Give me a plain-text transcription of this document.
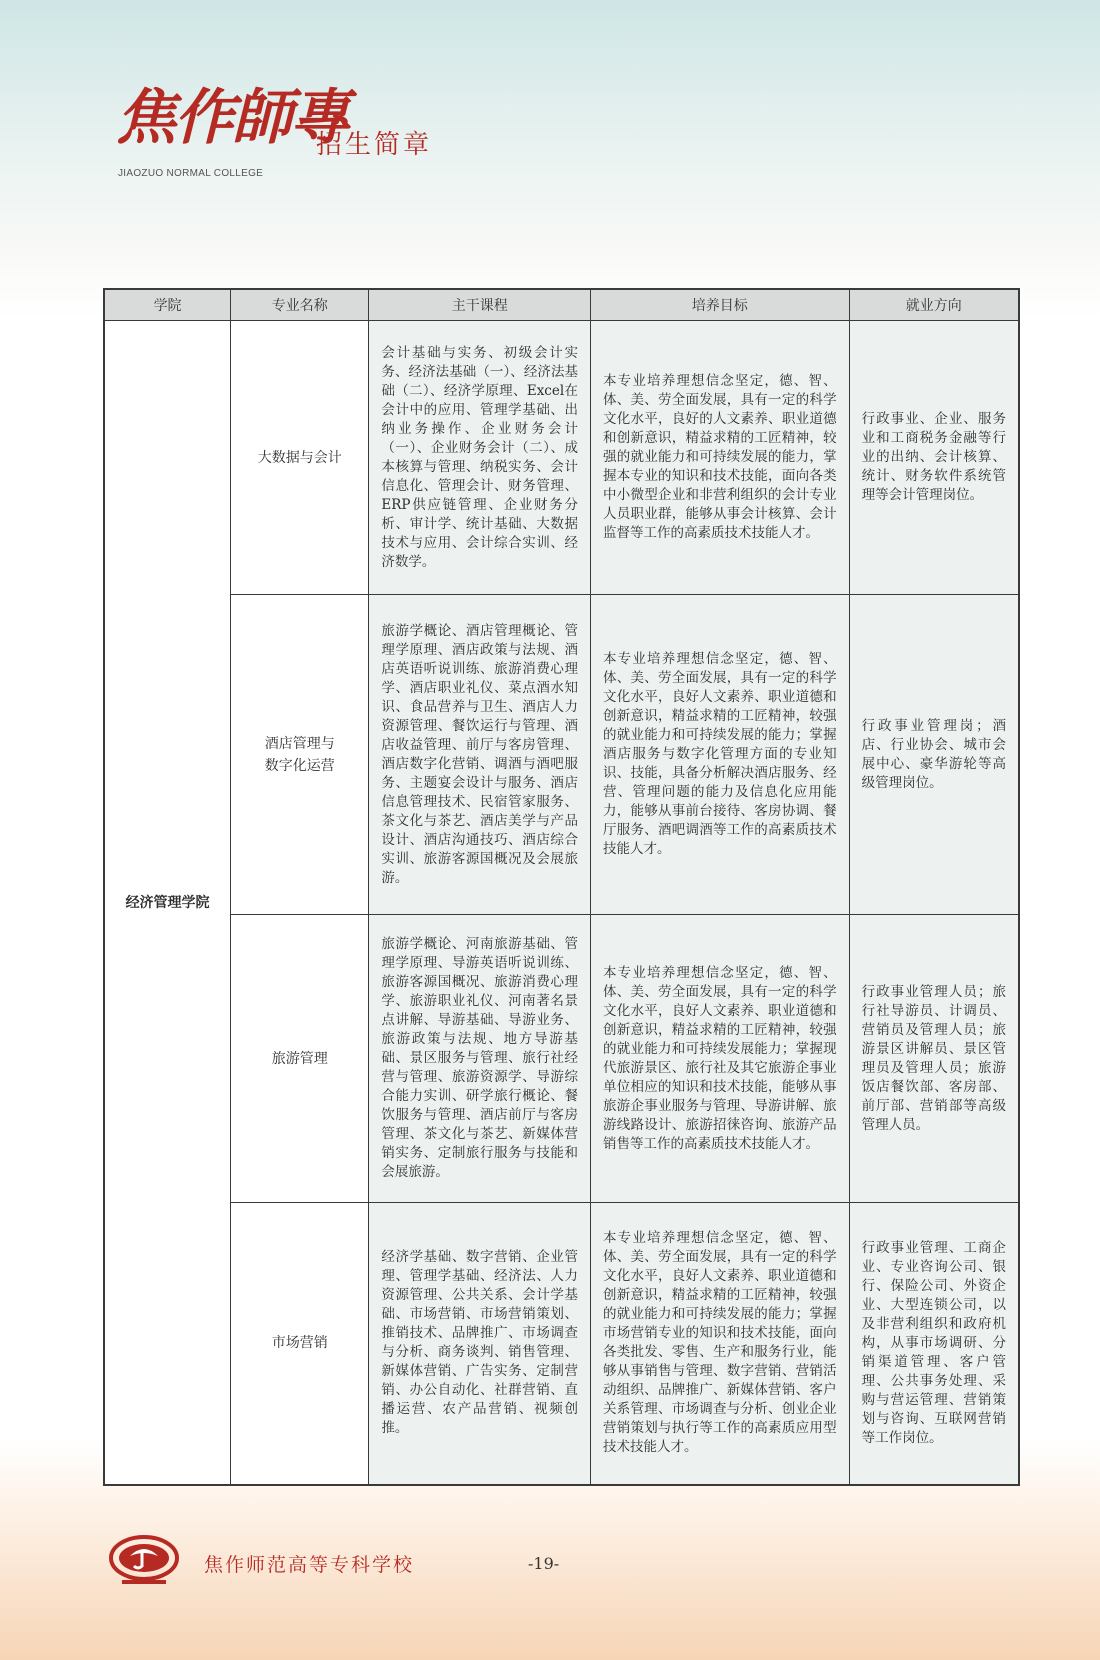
焦作師專
JIAOZUO NORMAL COLLEGE
招生简章
学院	专业名称	主干课程	培养目标	就业方向
经济管理学院	大数据与会计	会计基础与实务、初级会计实务、经济法基础（一）、经济法基础（二）、经济学原理、Excel在会计中的应用、管理学基础、出纳业务操作、企业财务会计（一）、企业财务会计（二）、成本核算与管理、纳税实务、会计信息化、管理会计、财务管理、ERP供应链管理、企业财务分析、审计学、统计基础、大数据技术与应用、会计综合实训、经济数学。	本专业培养理想信念坚定，德、智、体、美、劳全面发展，具有一定的科学文化水平，良好的人文素养、职业道德和创新意识，精益求精的工匠精神，较强的就业能力和可持续发展的能力，掌握本专业的知识和技术技能，面向各类中小微型企业和非营利组织的会计专业人员职业群，能够从事会计核算、会计监督等工作的高素质技术技能人才。	行政事业、企业、服务业和工商税务金融等行业的出纳、会计核算、统计、财务软件系统管理等会计管理岗位。
	酒店管理与数字化运营	旅游学概论、酒店管理概论、管理学原理、酒店政策与法规、酒店英语听说训练、旅游消费心理学、酒店职业礼仪、菜点酒水知识、食品营养与卫生、酒店人力资源管理、餐饮运行与管理、酒店收益管理、前厅与客房管理、酒店数字化营销、调酒与酒吧服务、主题宴会设计与服务、酒店信息管理技术、民宿管家服务、茶文化与茶艺、酒店美学与产品设计、酒店沟通技巧、酒店综合实训、旅游客源国概况及会展旅游。	本专业培养理想信念坚定，德、智、体、美、劳全面发展，具有一定的科学文化水平，良好人文素养、职业道德和创新意识，精益求精的工匠精神，较强的就业能力和可持续发展的能力；掌握酒店服务与数字化管理方面的专业知识、技能，具备分析解决酒店服务、经营、管理问题的能力及信息化应用能力，能够从事前台接待、客房协调、餐厅服务、酒吧调酒等工作的高素质技术技能人才。	行政事业管理岗；酒店、行业协会、城市会展中心、豪华游轮等高级管理岗位。
	旅游管理	旅游学概论、河南旅游基础、管理学原理、导游英语听说训练、旅游客源国概况、旅游消费心理学、旅游职业礼仪、河南著名景点讲解、导游基础、导游业务、旅游政策与法规、地方导游基础、景区服务与管理、旅行社经营与管理、旅游资源学、导游综合能力实训、研学旅行概论、餐饮服务与管理、酒店前厅与客房管理、茶文化与茶艺、新媒体营销实务、定制旅行服务与技能和会展旅游。	本专业培养理想信念坚定，德、智、体、美、劳全面发展，具有一定的科学文化水平，良好人文素养、职业道德和创新意识，精益求精的工匠精神，较强的就业能力和可持续发展能力；掌握现代旅游景区、旅行社及其它旅游企事业单位相应的知识和技术技能，能够从事旅游企事业服务与管理、导游讲解、旅游线路设计、旅游招徕咨询、旅游产品销售等工作的高素质技术技能人才。	行政事业管理人员；旅行社导游员、计调员、营销员及管理人员；旅游景区讲解员、景区管理员及管理人员；旅游饭店餐饮部、客房部、前厅部、营销部等高级管理人员。
	市场营销	经济学基础、数字营销、企业管理、管理学基础、经济法、人力资源管理、公共关系、会计学基础、市场营销、市场营销策划、推销技术、品牌推广、市场调查与分析、商务谈判、销售管理、新媒体营销、广告实务、定制营销、办公自动化、社群营销、直播运营、农产品营销、视频创推。	本专业培养理想信念坚定，德、智、体、美、劳全面发展，具有一定的科学文化水平，良好人文素养、职业道德和创新意识，精益求精的工匠精神，较强的就业能力和可持续发展的能力；掌握市场营销专业的知识和技术技能，面向各类批发、零售、生产和服务行业，能够从事销售与管理、数字营销、营销活动组织、品牌推广、新媒体营销、客户关系管理、市场调查与分析、创业企业营销策划与执行等工作的高素质应用型技术技能人才。	行政事业管理、工商企业、专业咨询公司、银行、保险公司、外资企业、大型连锁公司，以及非营利组织和政府机构，从事市场调研、分销渠道管理、客户管理、公共事务处理、采购与营运管理、营销策划与咨询、互联网营销等工作岗位。
焦作师范高等专科学校	-19-
